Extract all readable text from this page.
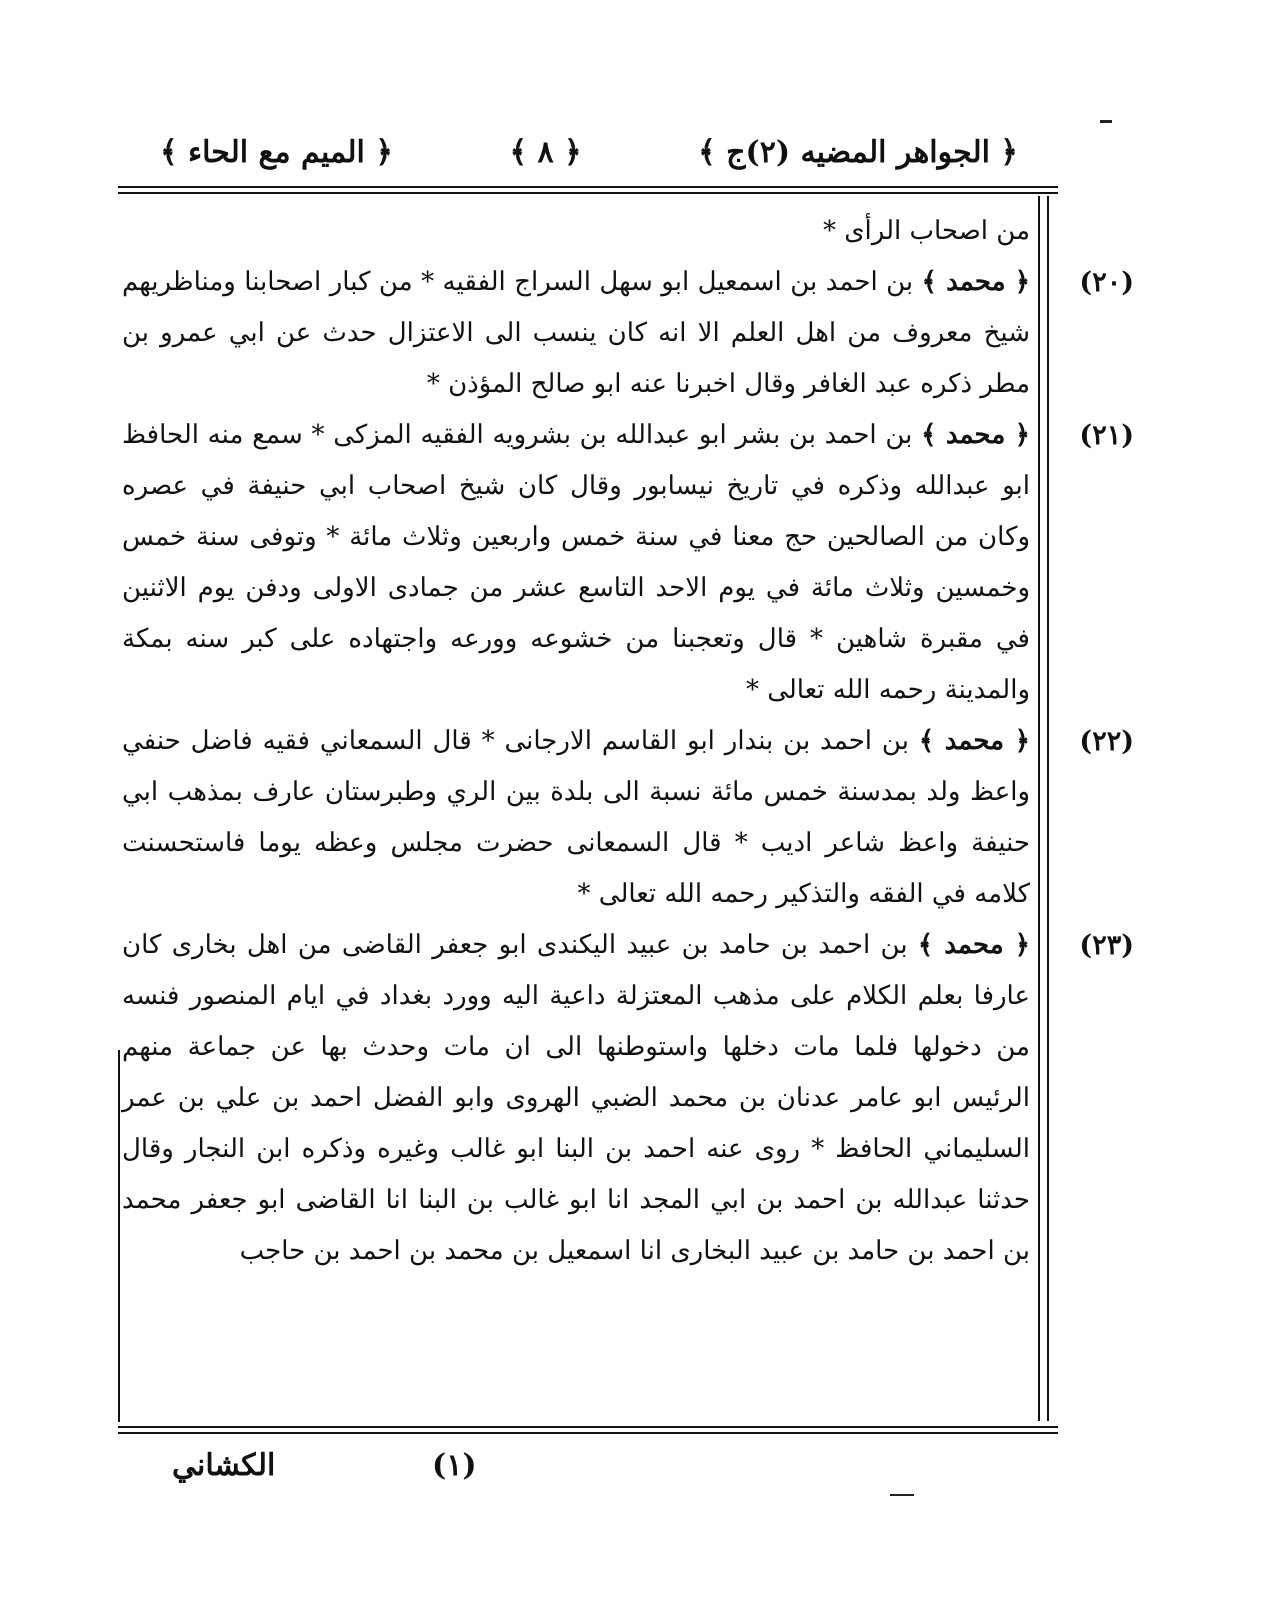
﴿ الجواهر المضيه (٢)ج ﴾
﴿ ٨ ﴾
﴿ الميم مع الحاء ﴾

من اصحاب الرأى *

(٢٠)

﴿ محمد ﴾ بن احمد بن اسمعيل ابو سهل السراج الفقيه * من كبار اصحابنا ومناظريهم شيخ معروف من اهل العلم الا انه كان ينسب الى الاعتزال حدث عن ابي عمرو بن مطر ذكره عبد الغافر وقال اخبرنا عنه ابو صالح المؤذن *

(٢١)

﴿ محمد ﴾ بن احمد بن بشر ابو عبدالله بن بشرويه الفقيه المزكى * سمع منه الحافظ ابو عبدالله وذكره في تاريخ نيسابور وقال كان شيخ اصحاب ابي حنيفة في عصره وكان من الصالحين حج معنا في سنة خمس واربعين وثلاث مائة * وتوفى سنة خمس وخمسين وثلاث مائة في يوم الاحد التاسع عشر من جمادى الاولى ودفن يوم الاثنين في مقبرة شاهين * قال وتعجبنا من خشوعه وورعه واجتهاده على كبر سنه بمكة والمدينة رحمه الله تعالى *

(٢٢)

﴿ محمد ﴾ بن احمد بن بندار ابو القاسم الارجانى * قال السمعاني فقيه فاضل حنفي واعظ ولد بمدسنة خمس مائة نسبة الى بلدة بين الري وطبرستان عارف بمذهب ابي حنيفة واعظ شاعر اديب * قال السمعانى حضرت مجلس وعظه يوما فاستحسنت كلامه في الفقه والتذكير رحمه الله تعالى *

(٢٣)

﴿ محمد ﴾ بن احمد بن حامد بن عبيد اليكندى ابو جعفر القاضى من اهل بخارى كان عارفا بعلم الكلام على مذهب المعتزلة داعية اليه وورد بغداد في ايام المنصور فنسه من دخولها فلما مات دخلها واستوطنها الى ان مات وحدث بها عن جماعة منهم الرئيس ابو عامر عدنان بن محمد الضبي الهروى وابو الفضل احمد بن علي بن عمر السليماني الحافظ * روى عنه احمد بن البنا ابو غالب وغيره وذكره ابن النجار وقال حدثنا عبدالله بن احمد بن ابي المجد انا ابو غالب بن البنا انا القاضى ابو جعفر محمد بن احمد بن حامد بن عبيد البخارى انا اسمعيل بن محمد بن احمد بن حاجب

الكشاني	(١)
